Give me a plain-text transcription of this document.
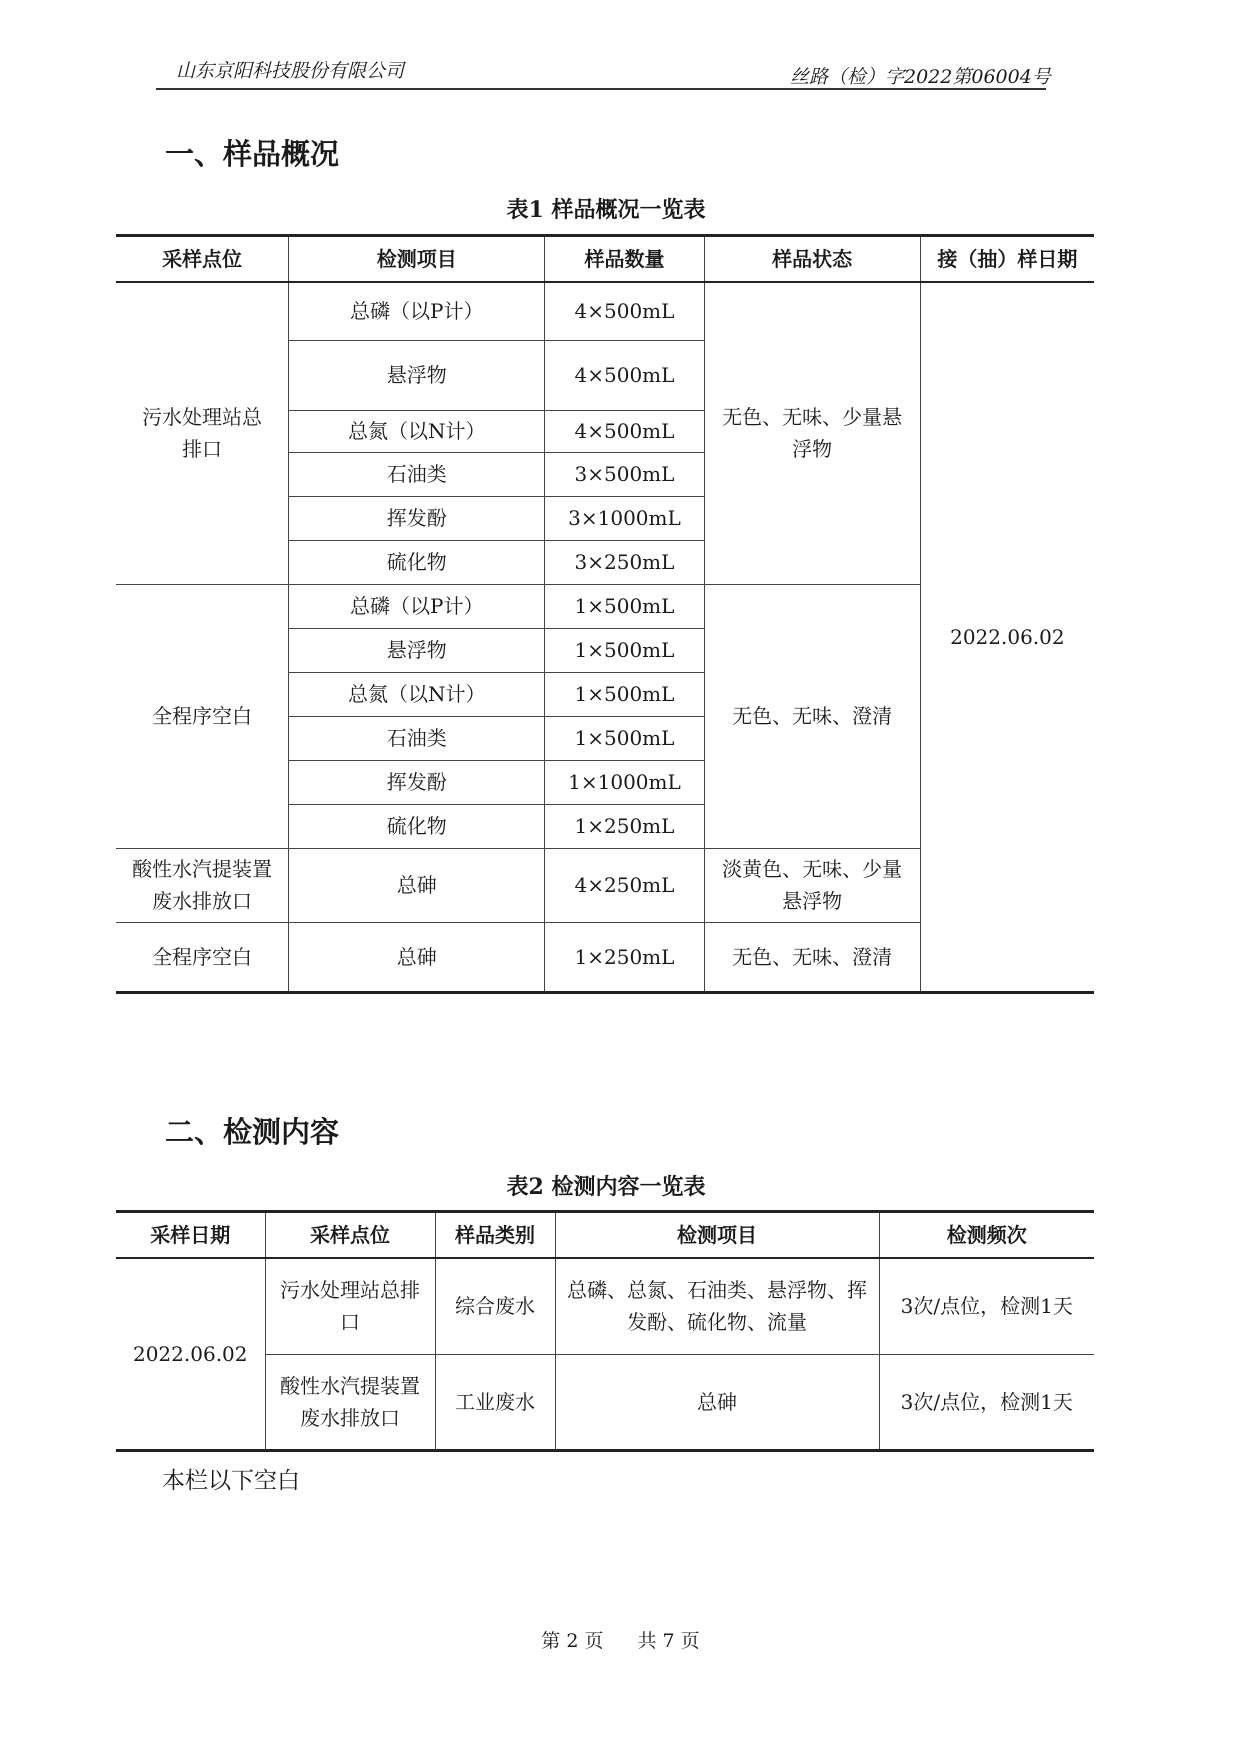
山东京阳科技股份有限公司	丝路（检）字2022第06004号
一、样品概况
表1 样品概况一览表
采样点位	检测项目	样品数量	样品状态	接（抽）样日期
污水处理站总排口	总磷（以P计）	4×500mL	无色、无味、少量悬浮物	2022.06.02
	悬浮物	4×500mL		
	总氮（以N计）	4×500mL		
	石油类	3×500mL		
	挥发酚	3×1000mL		
	硫化物	3×250mL		
全程序空白	总磷（以P计）	1×500mL	无色、无味、澄清	
	悬浮物	1×500mL		
	总氮（以N计）	1×500mL		
	石油类	1×500mL		
	挥发酚	1×1000mL		
	硫化物	1×250mL		
酸性水汽提装置废水排放口	总砷	4×250mL	淡黄色、无味、少量悬浮物	
全程序空白	总砷	1×250mL	无色、无味、澄清	
二、检测内容
表2 检测内容一览表
采样日期	采样点位	样品类别	检测项目	检测频次
2022.06.02	污水处理站总排口	综合废水	总磷、总氮、石油类、悬浮物、挥发酚、硫化物、流量	3次/点位，检测1天
	酸性水汽提装置废水排放口	工业废水	总砷	3次/点位，检测1天
本栏以下空白
第 2 页 共 7 页
